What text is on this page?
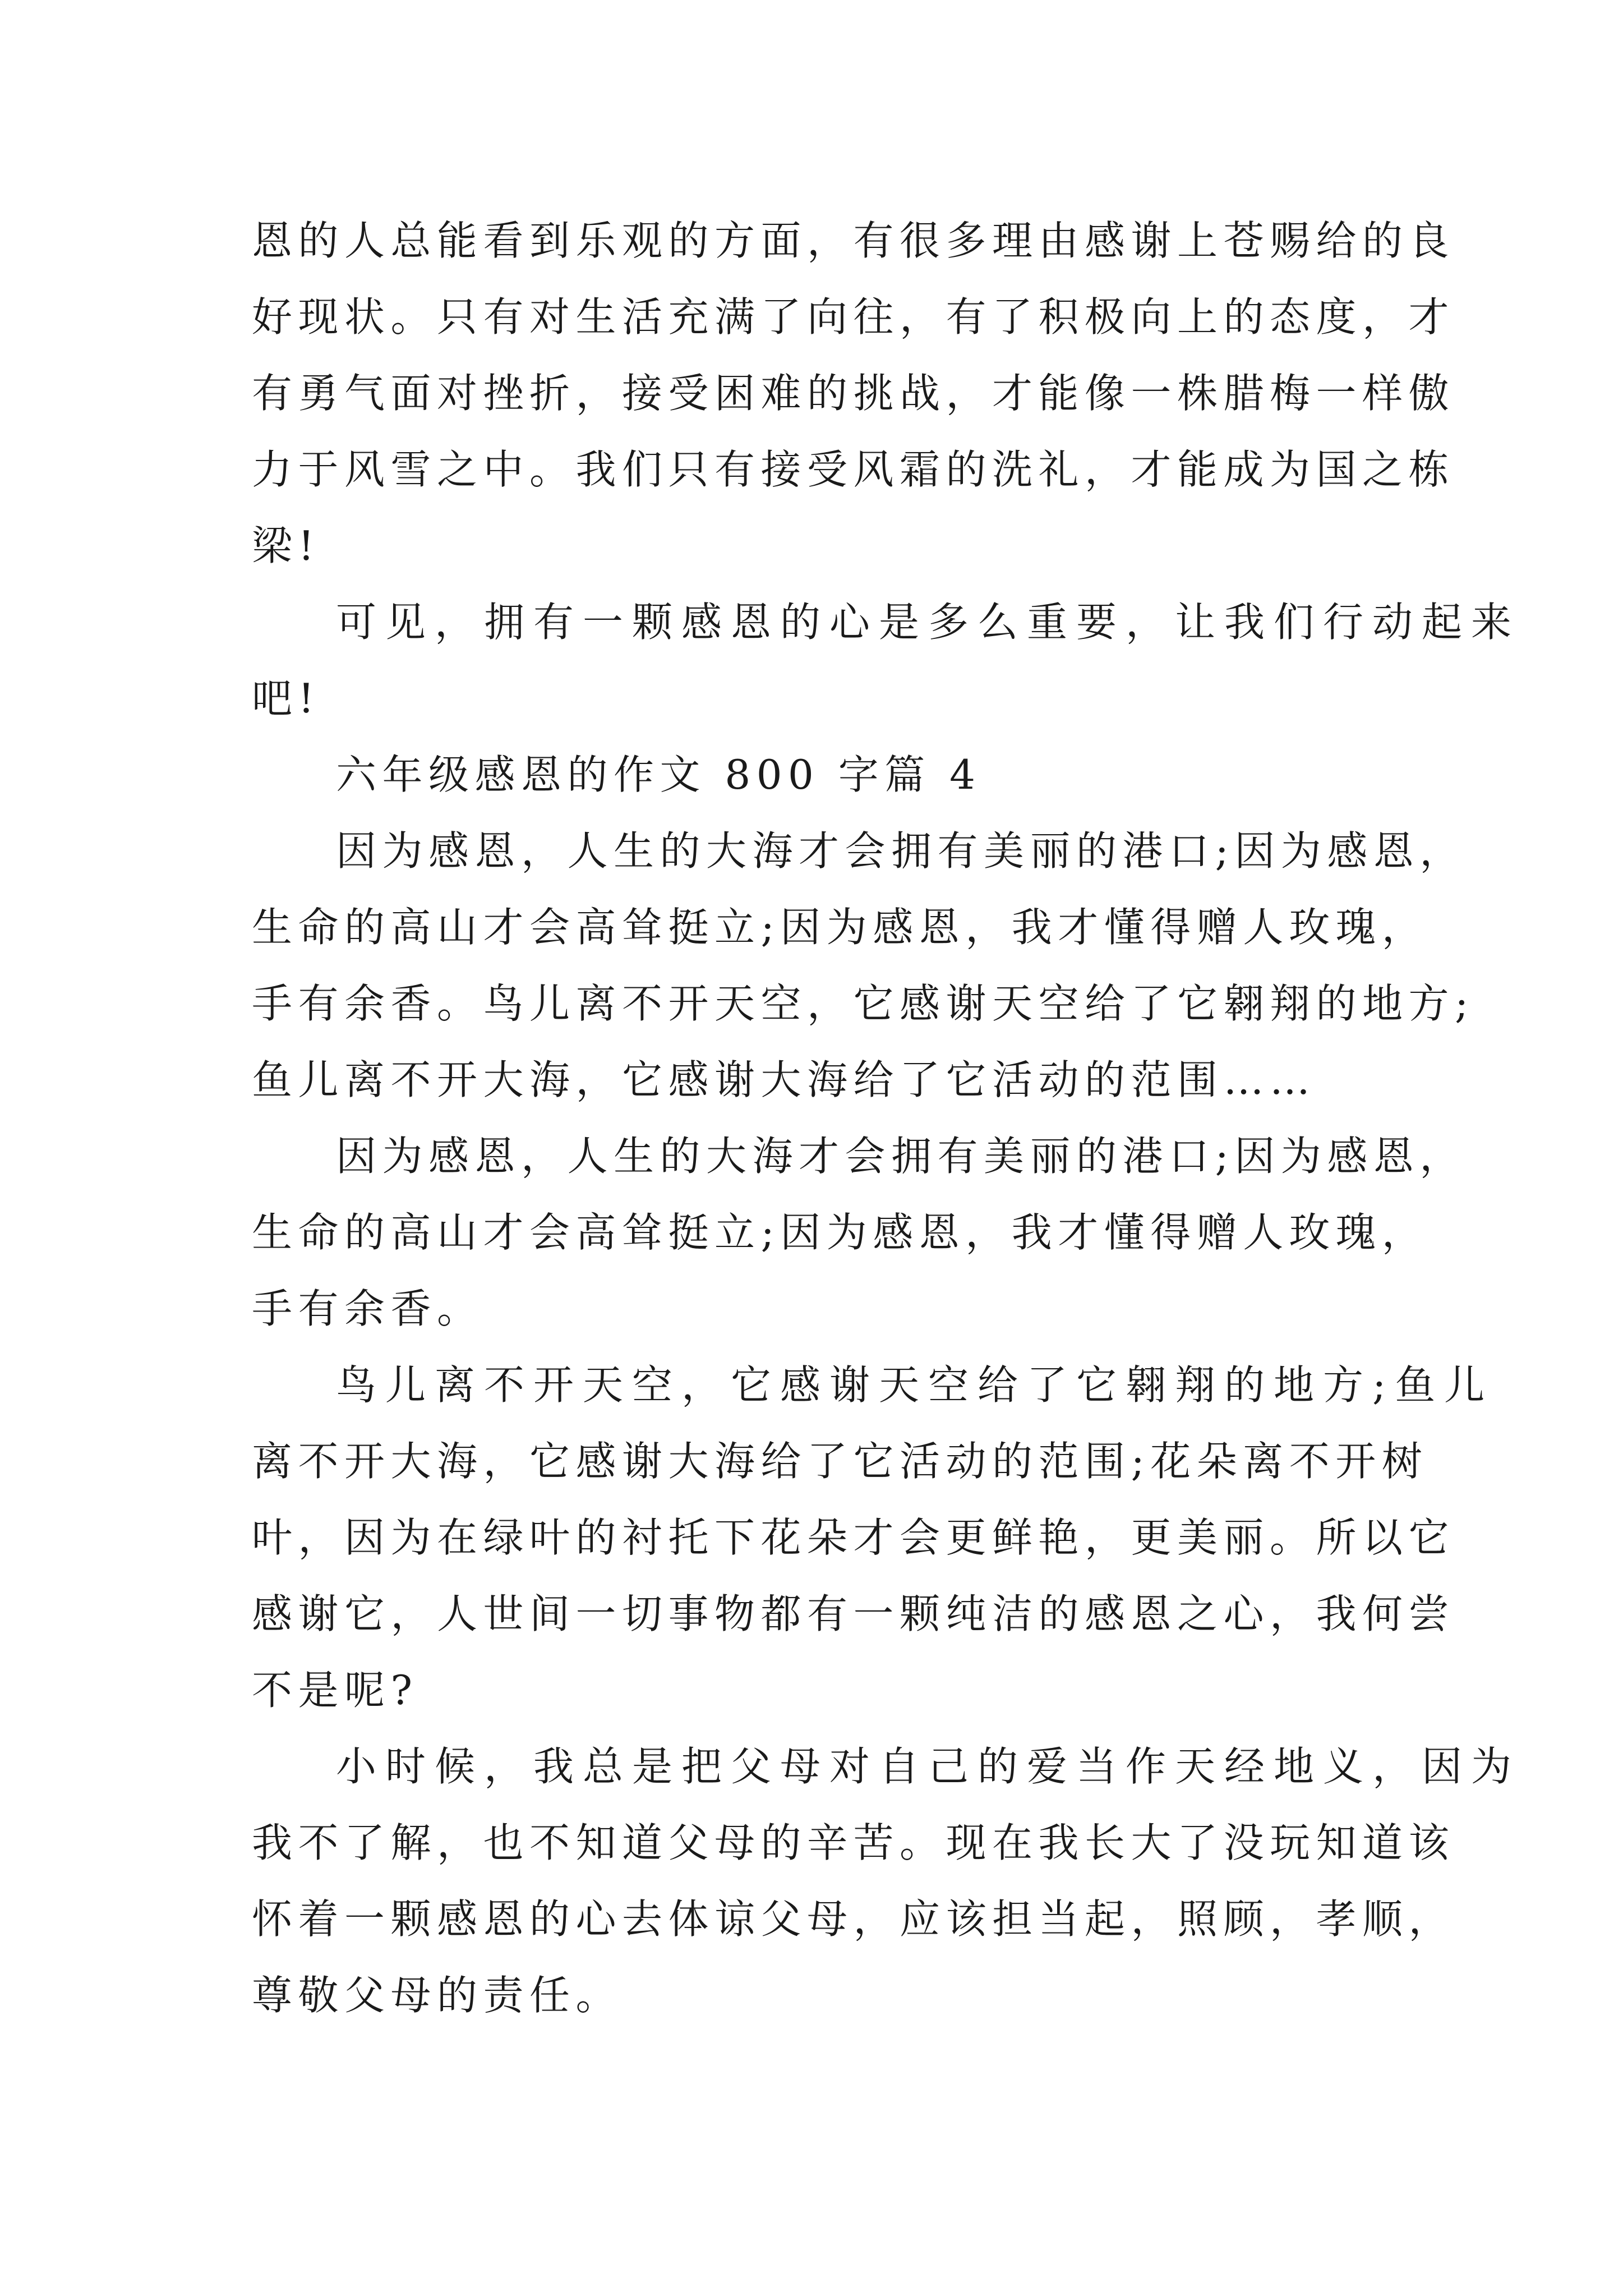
恩的人总能看到乐观的方面，有很多理由感谢上苍赐给的良
好现状。只有对生活充满了向往，有了积极向上的态度，才
有勇气面对挫折，接受困难的挑战，才能像一株腊梅一样傲
力于风雪之中。我们只有接受风霜的洗礼，才能成为国之栋
梁!
可见，拥有一颗感恩的心是多么重要，让我们行动起来
吧!
六年级感恩的作文 800 字篇 4
因为感恩，人生的大海才会拥有美丽的港口;因为感恩，
生命的高山才会高耸挺立;因为感恩，我才懂得赠人玫瑰，
手有余香。鸟儿离不开天空，它感谢天空给了它翱翔的地方;
鱼儿离不开大海，它感谢大海给了它活动的范围……
因为感恩，人生的大海才会拥有美丽的港口;因为感恩，
生命的高山才会高耸挺立;因为感恩，我才懂得赠人玫瑰，
手有余香。
鸟儿离不开天空，它感谢天空给了它翱翔的地方;鱼儿
离不开大海，它感谢大海给了它活动的范围;花朵离不开树
叶，因为在绿叶的衬托下花朵才会更鲜艳，更美丽。所以它
感谢它，人世间一切事物都有一颗纯洁的感恩之心，我何尝
不是呢?
小时候，我总是把父母对自己的爱当作天经地义，因为
我不了解，也不知道父母的辛苦。现在我长大了没玩知道该
怀着一颗感恩的心去体谅父母，应该担当起，照顾，孝顺，
尊敬父母的责任。
